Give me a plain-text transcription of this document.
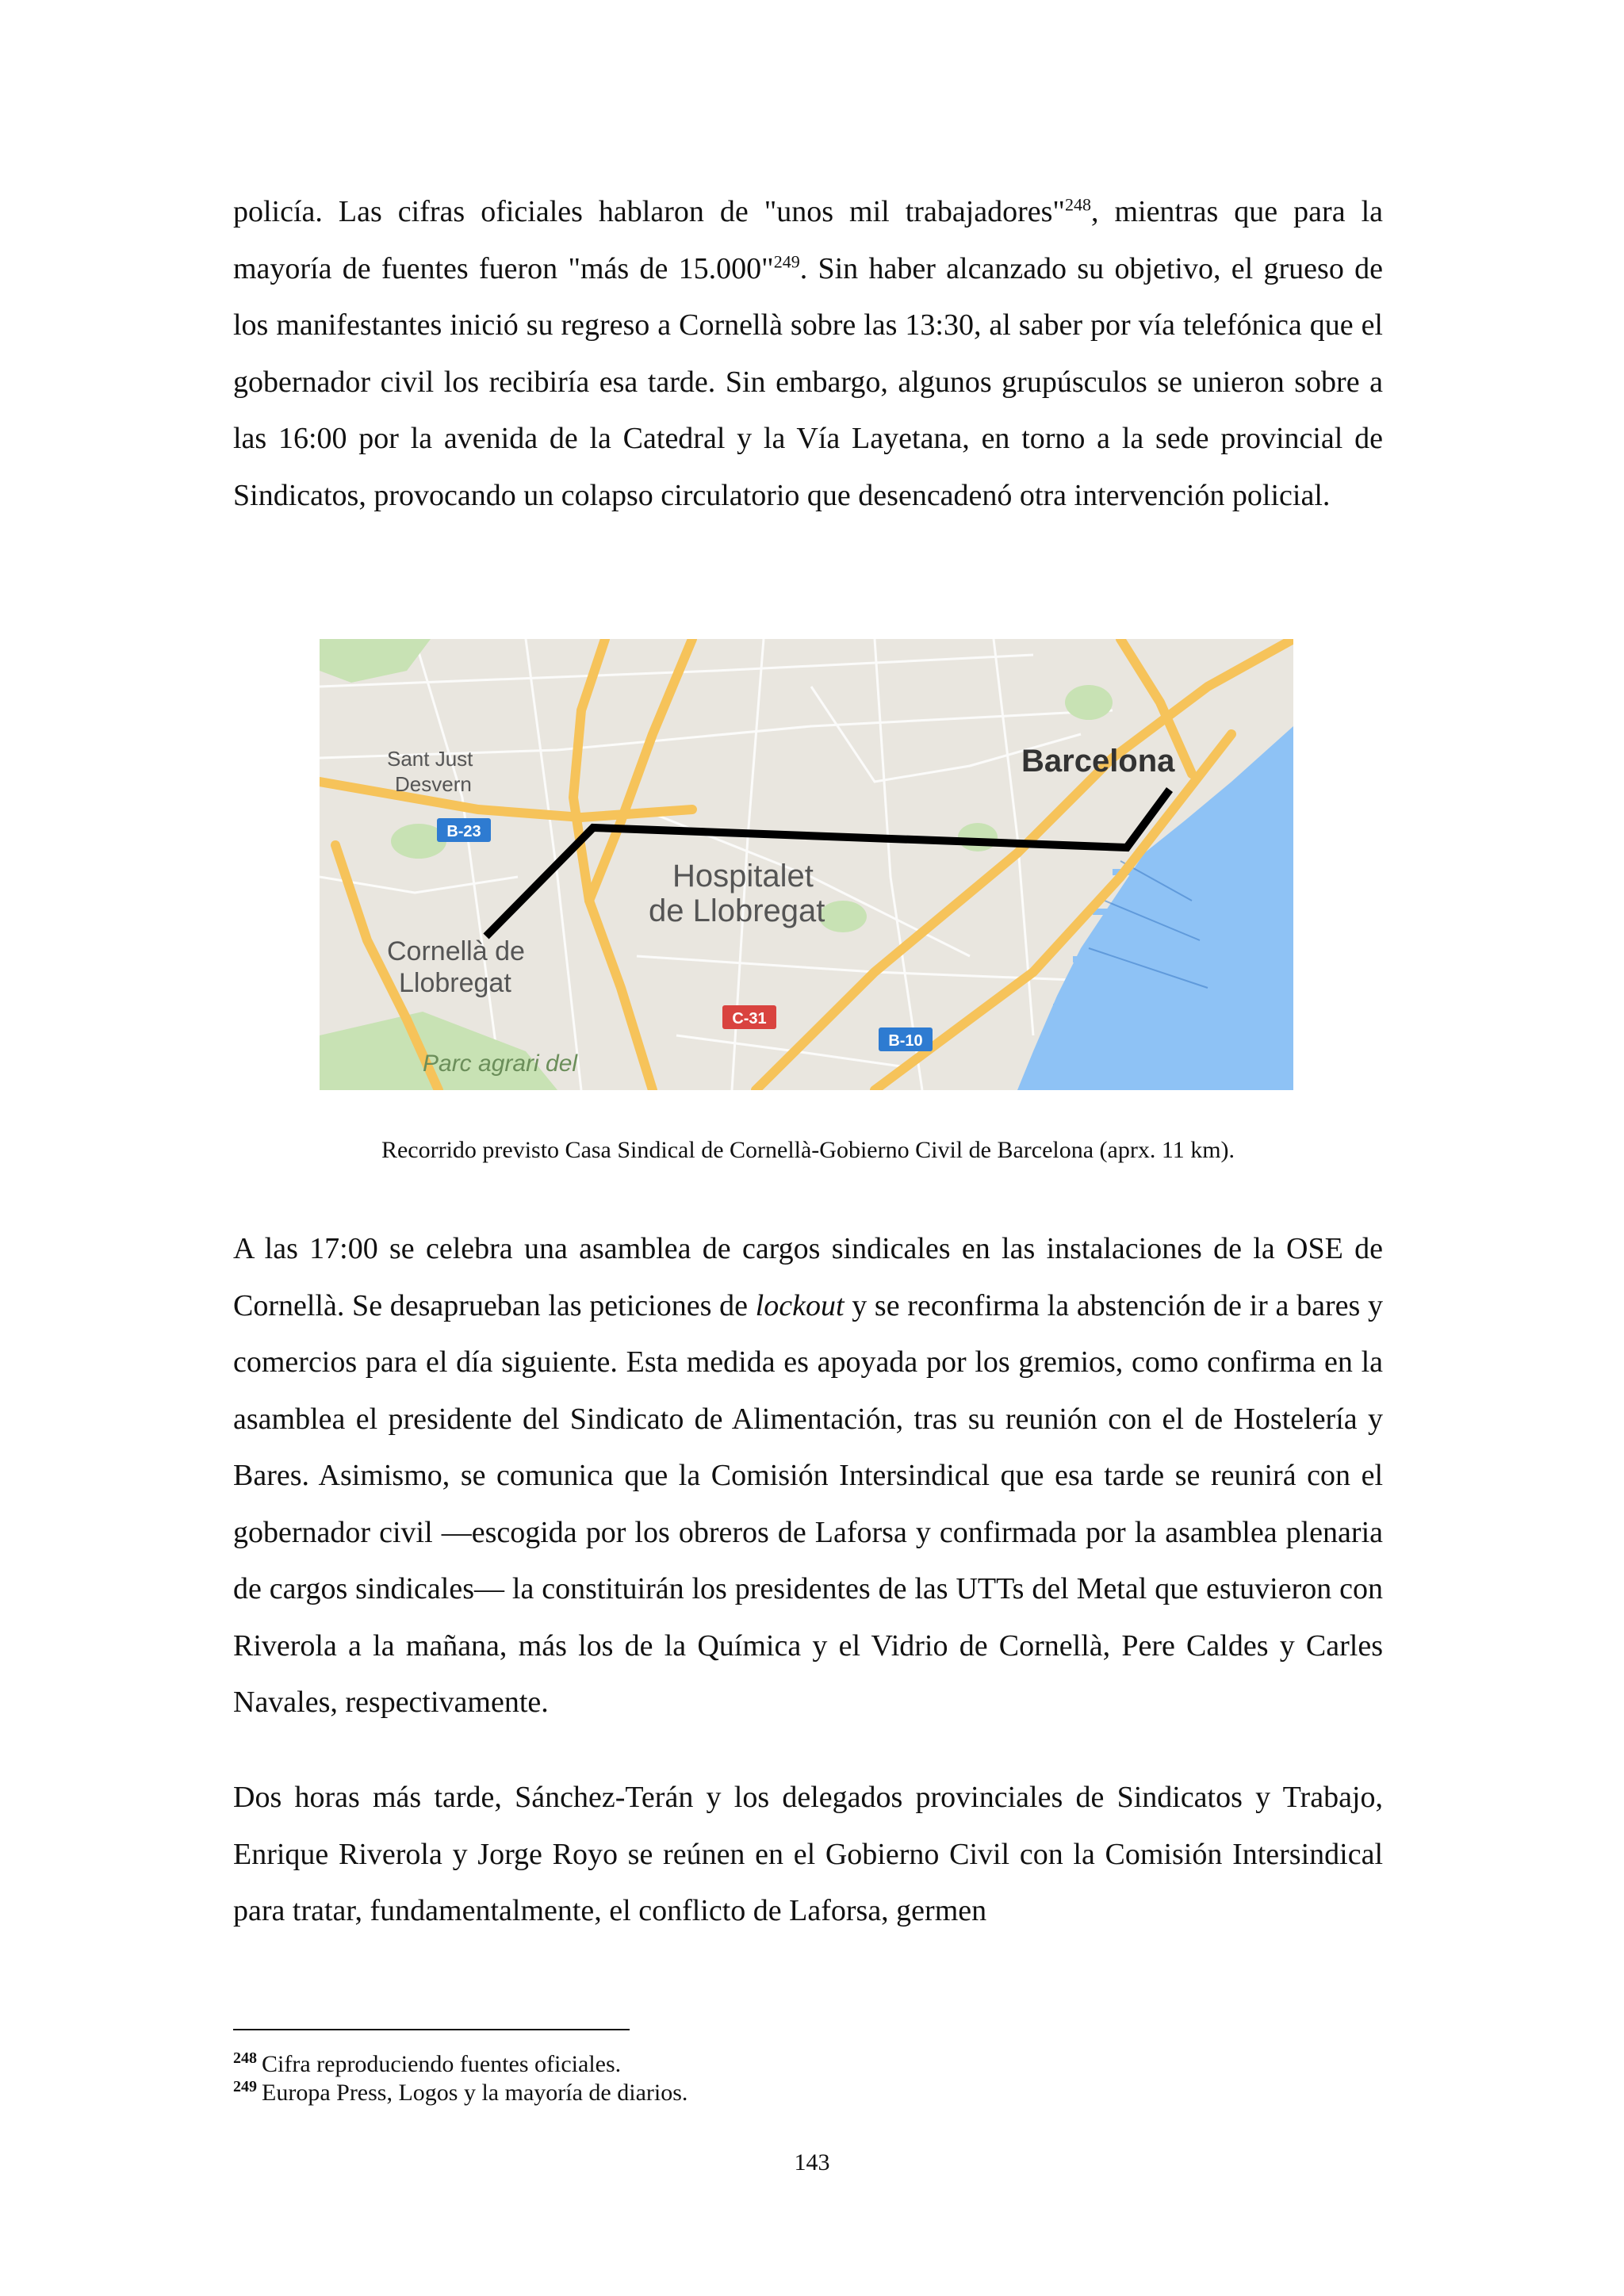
policía. Las cifras oficiales hablaron de "unos mil trabajadores"$^{248}$, mientras que para la mayoría de fuentes fueron "más de 15.000"$^{249}$. Sin haber alcanzado su objetivo, el grueso de los manifestantes inició su regreso a Cornellà sobre las 13:30, al saber por vía telefónica que el gobernador civil los recibiría esa tarde. Sin embargo, algunos grupúsculos se unieron sobre a las 16:00 por la avenida de la Catedral y la Vía Layetana, en torno a la sede provincial de Sindicatos, provocando un colapso circulatorio que desencadenó otra intervención policial.

Sant Just
Desvern
Barcelona
Hospitalet
de Llobregat
Cornellà de
Llobregat
Parc agrari del
B-23
C-31
B-10
Recorrido previsto Casa Sindical de Cornellà-Gobierno Civil de Barcelona (aprx. 11 km).

A las 17:00 se celebra una asamblea de cargos sindicales en las instalaciones de la OSE de Cornellà. Se desaprueban las peticiones de lockout y se reconfirma la abstención de ir a bares y comercios para el día siguiente. Esta medida es apoyada por los gremios, como confirma en la asamblea el presidente del Sindicato de Alimentación, tras su reunión con el de Hostelería y Bares. Asimismo, se comunica que la Comisión Intersindical que esa tarde se reunirá con el gobernador civil —escogida por los obreros de Laforsa y confirmada por la asamblea plenaria de cargos sindicales— la constituirán los presidentes de las UTTs del Metal que estuvieron con Riverola a la mañana, más los de la Química y el Vidrio de Cornellà, Pere Caldes y Carles Navales, respectivamente.

Dos horas más tarde, Sánchez-Terán y los delegados provinciales de Sindicatos y Trabajo, Enrique Riverola y Jorge Royo se reúnen en el Gobierno Civil con la Comisión Intersindical para tratar, fundamentalmente, el conflicto de Laforsa, germen

$^{248}$ Cifra reproduciendo fuentes oficiales.
$^{249}$ Europa Press, Logos y la mayoría de diarios.
143
